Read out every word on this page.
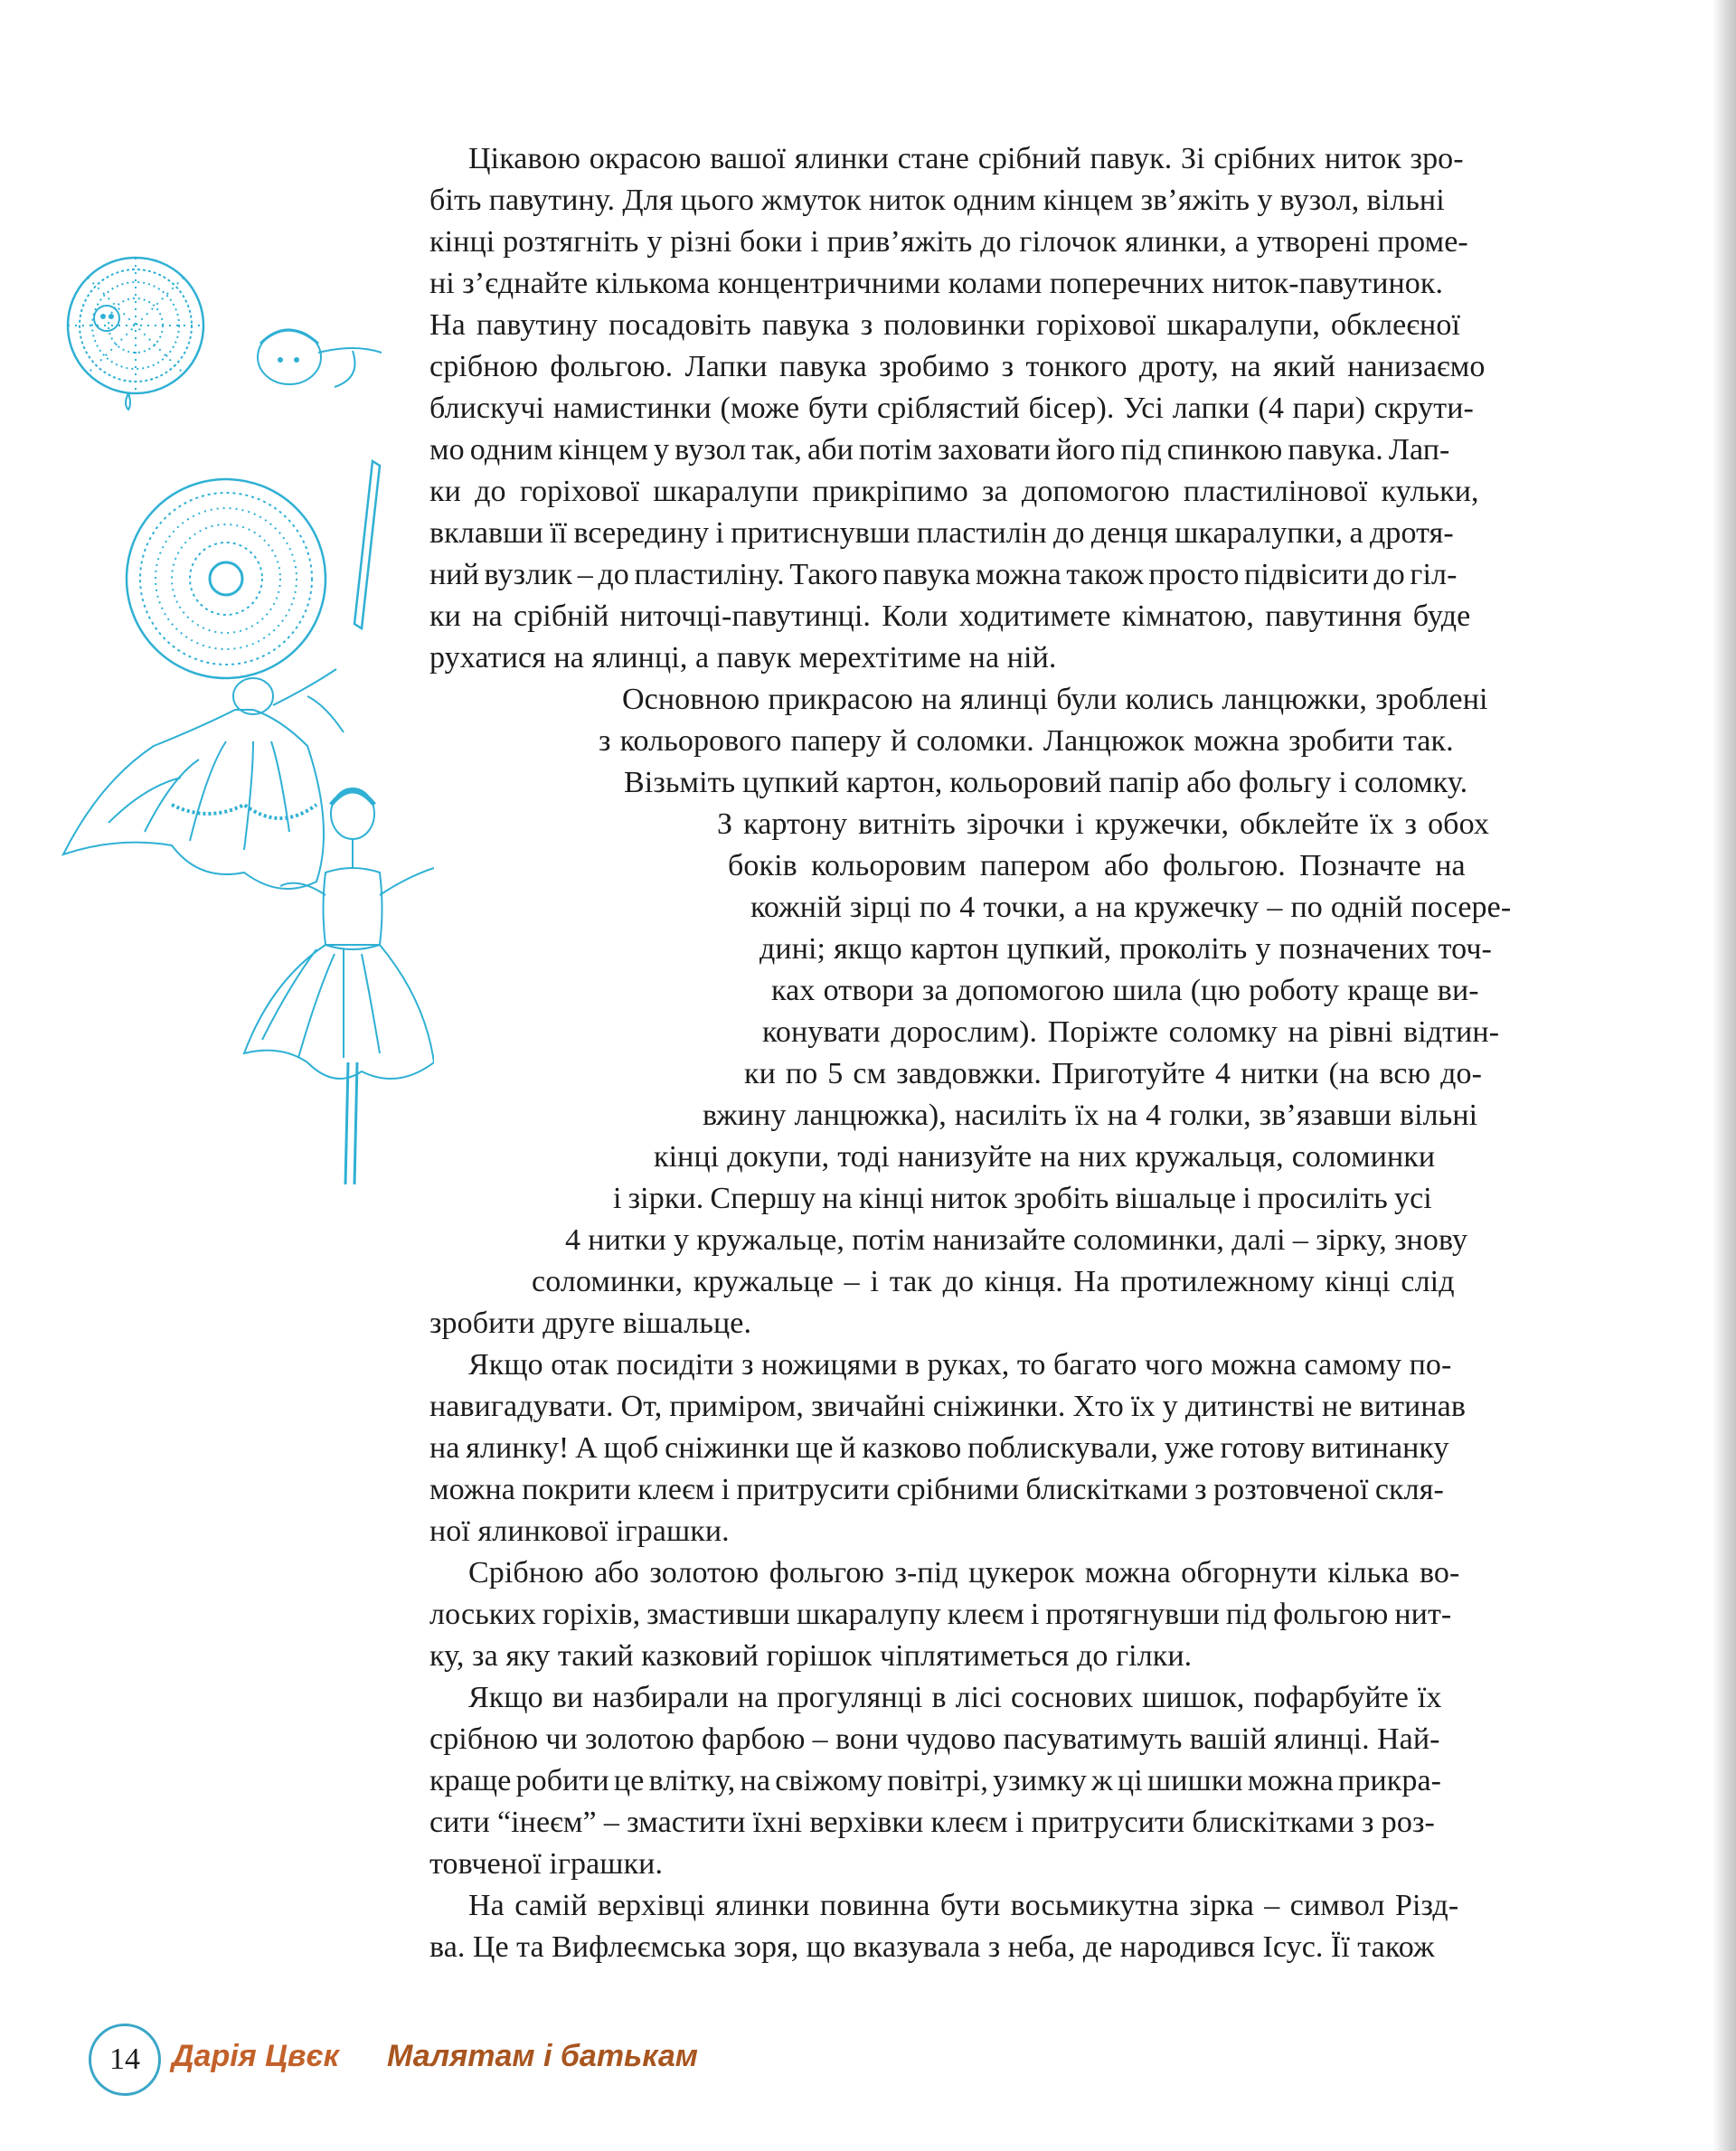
Цікавою окрасою вашої ялинки стане срібний павук. Зі срібних ниток зро-
біть павутину. Для цього жмуток ниток одним кінцем зв’яжіть у вузол, вільні
кінці розтягніть у різні боки і прив’яжіть до гілочок ялинки, а утворені проме-
ні з’єднайте кількома концентричними колами поперечних ниток-павутинок.
На павутину посадовіть павука з половинки горіхової шкаралупи, обклеєної
срібною фольгою. Лапки павука зробимо з тонкого дроту, на який нанизаємо
блискучі намистинки (може бути сріблястий бісер). Усі лапки (4 пари) скрути-
мо одним кінцем у вузол так, аби потім заховати його під спинкою павука. Лап-
ки до горіхової шкаралупи прикріпимо за допомогою пластилінової кульки,
вклавши її всередину і притиснувши пластилін до денця шкаралупки, а дротя-
ний вузлик – до пластиліну. Такого павука можна також просто підвісити до гіл-
ки на срібній ниточці-павутинці. Коли ходитимете кімнатою, павутиння буде
рухатися на ялинці, а павук мерехтітиме на ній.
Основною прикрасою на ялинці були колись ланцюжки, зроблені
з кольорового паперу й соломки. Ланцюжок можна зробити так.
Візьміть цупкий картон, кольоровий папір або фольгу і соломку.
З картону витніть зірочки і кружечки, обклейте їх з обох
боків кольоровим папером або фольгою. Позначте на
кожній зірці по 4 точки, а на кружечку – по одній посере-
дині; якщо картон цупкий, проколіть у позначених точ-
ках отвори за допомогою шила (цю роботу краще ви-
конувати дорослим). Поріжте соломку на рівні відтин-
ки по 5 см завдовжки. Приготуйте 4 нитки (на всю до-
вжину ланцюжка), насиліть їх на 4 голки, зв’язавши вільні
кінці докупи, тоді нанизуйте на них кружальця, соломинки
і зірки. Спершу на кінці ниток зробіть вішальце і просиліть усі
4 нитки у кружальце, потім нанизайте соломинки, далі – зірку, знову
соломинки, кружальце – і так до кінця. На протилежному кінці слід
зробити друге вішальце.
Якщо отак посидіти з ножицями в руках, то багато чого можна самому по-
навигадувати. От, приміром, звичайні сніжинки. Хто їх у дитинстві не витинав
на ялинку! А щоб сніжинки ще й казково поблискували, уже готову витинанку
можна покрити клеєм і притрусити срібними блискітками з розтовченої скля-
ної ялинкової іграшки.
Срібною або золотою фольгою з-під цукерок можна обгорнути кілька во-
лоських горіхів, змастивши шкаралупу клеєм і протягнувши під фольгою нит-
ку, за яку такий казковий горішок чіплятиметься до гілки.
Якщо ви назбирали на прогулянці в лісі соснових шишок, пофарбуйте їх
срібною чи золотою фарбою – вони чудово пасуватимуть вашій ялинці. Най-
краще робити це влітку, на свіжому повітрі, узимку ж ці шишки можна прикра-
сити “інеєм” – змастити їхні верхівки клеєм і притрусити блискітками з роз-
товченої іграшки.
На самій верхівці ялинки повинна бути восьмикутна зірка – символ Різд-
ва. Це та Вифлеємська зоря, що вказувала з неба, де народився Ісус. Її також
14	Дарія Цвєк Малятам і батькам
